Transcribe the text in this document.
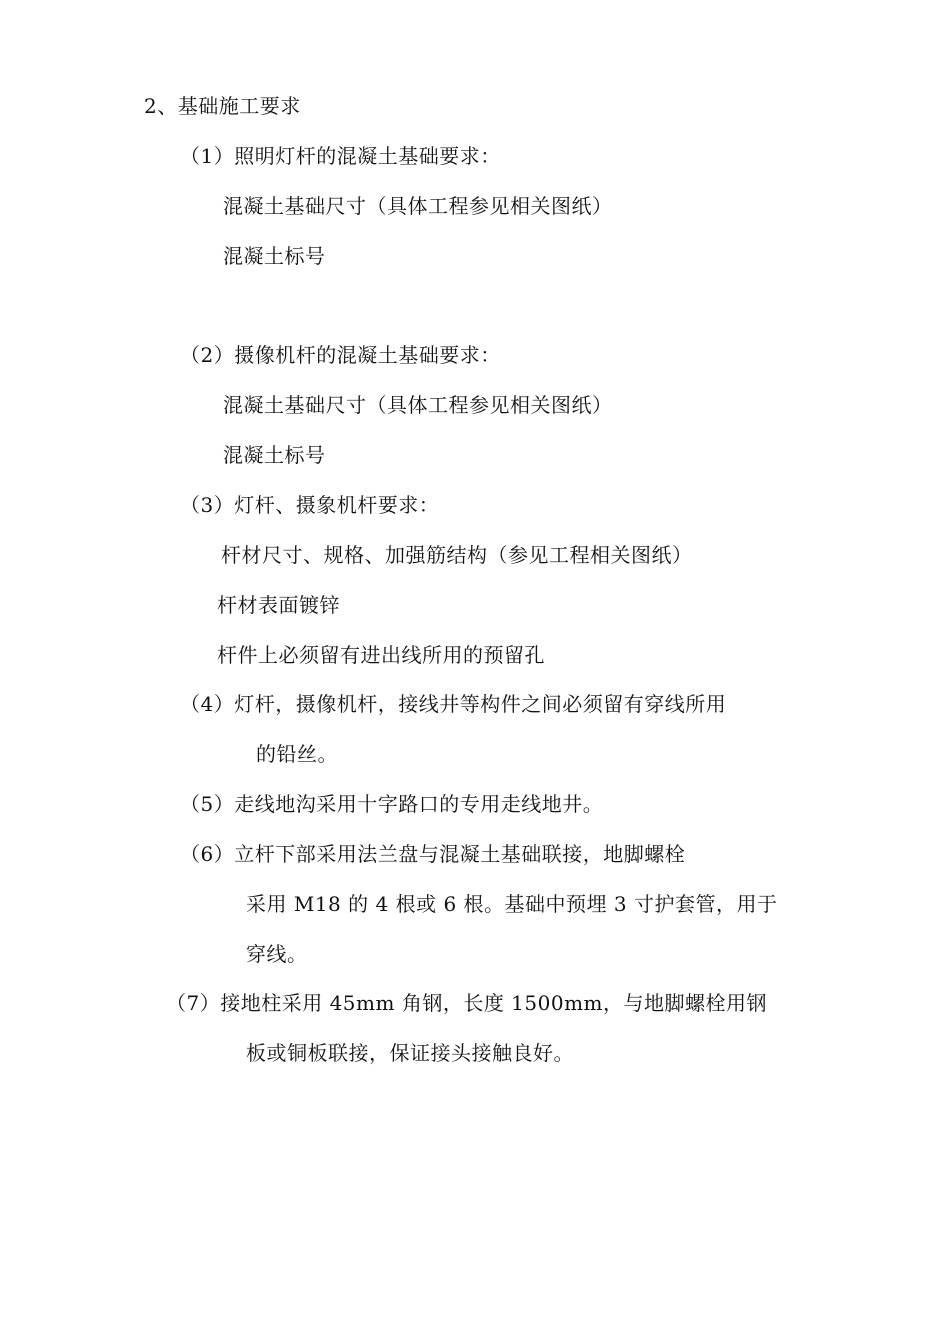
2、基础施工要求
（1）照明灯杆的混凝土基础要求：
混凝土基础尺寸（具体工程参见相关图纸）
混凝土标号
（2）摄像机杆的混凝土基础要求：
混凝土基础尺寸（具体工程参见相关图纸）
混凝土标号
（3）灯杆、摄象机杆要求：
杆材尺寸、规格、加强筋结构（参见工程相关图纸）
杆材表面镀锌
杆件上必须留有进出线所用的预留孔
（4）灯杆，摄像机杆，接线井等构件之间必须留有穿线所用
的铅丝。
（5）走线地沟采用十字路口的专用走线地井。
（6）立杆下部采用法兰盘与混凝土基础联接，地脚螺栓
采用 M18 的 4 根或 6 根。基础中预埋 3 寸护套管，用于
穿线。
（7）接地柱采用 45mm 角钢，长度 1500mm，与地脚螺栓用钢
板或铜板联接，保证接头接触良好。
